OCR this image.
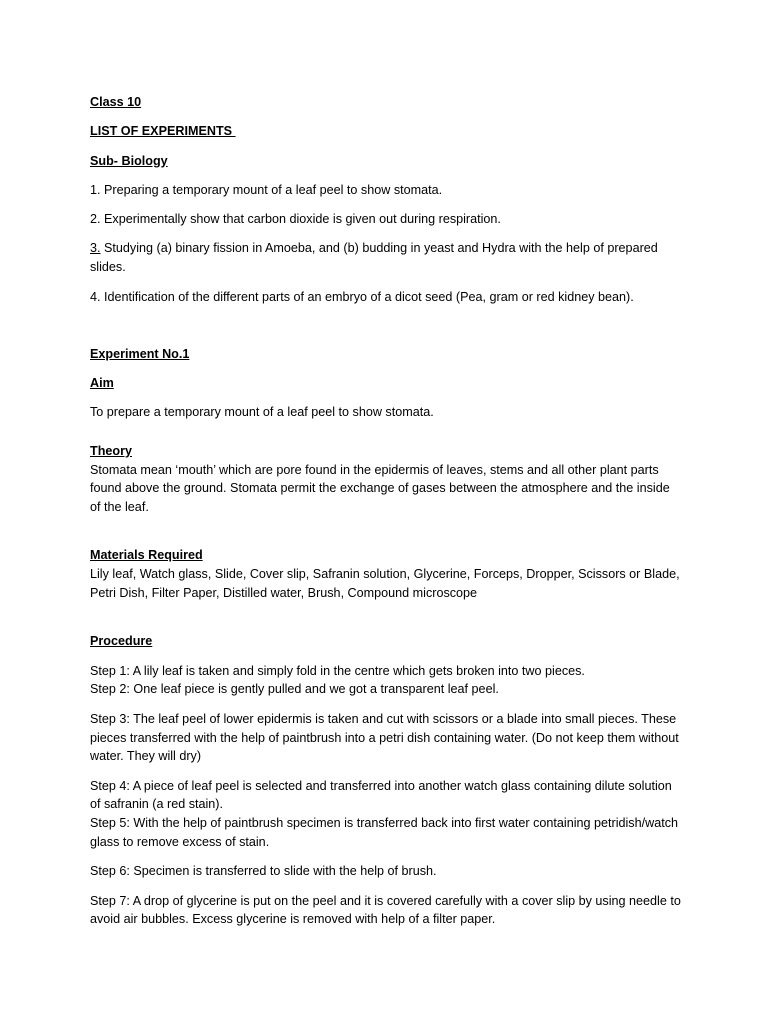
Class 10

LIST OF EXPERIMENTS

Sub- Biology

1. Preparing a temporary mount of a leaf peel to show stomata.

2. Experimentally show that carbon dioxide is given out during respiration.

3. Studying (a) binary fission in Amoeba, and (b) budding in yeast and Hydra with the help of prepared slides.

4. Identification of the different parts of an embryo of a dicot seed (Pea, gram or red kidney bean).

Experiment No.1

Aim

To prepare a temporary mount of a leaf peel to show stomata.

Theory

Stomata mean ‘mouth’ which are pore found in the epidermis of leaves, stems and all other plant parts found above the ground. Stomata permit the exchange of gases between the atmosphere and the inside of the leaf.

Materials Required

Lily leaf, Watch glass, Slide, Cover slip, Safranin solution, Glycerine, Forceps, Dropper, Scissors or Blade, Petri Dish, Filter Paper, Distilled water, Brush, Compound microscope

Procedure

Step 1: A lily leaf is taken and simply fold in the centre which gets broken into two pieces.

Step 2: One leaf piece is gently pulled and we got a transparent leaf peel.

Step 3: The leaf peel of lower epidermis is taken and cut with scissors or a blade into small pieces. These pieces transferred with the help of paintbrush into a petri dish containing water. (Do not keep them without water. They will dry)

Step 4: A piece of leaf peel is selected and transferred into another watch glass containing dilute solution of safranin (a red stain).

Step 5: With the help of paintbrush specimen is transferred back into first water containing petridish/watch glass to remove excess of stain.

Step 6: Specimen is transferred to slide with the help of brush.

Step 7: A drop of glycerine is put on the peel and it is covered carefully with a cover slip by using needle to avoid air bubbles. Excess glycerine is removed with help of a filter paper.
